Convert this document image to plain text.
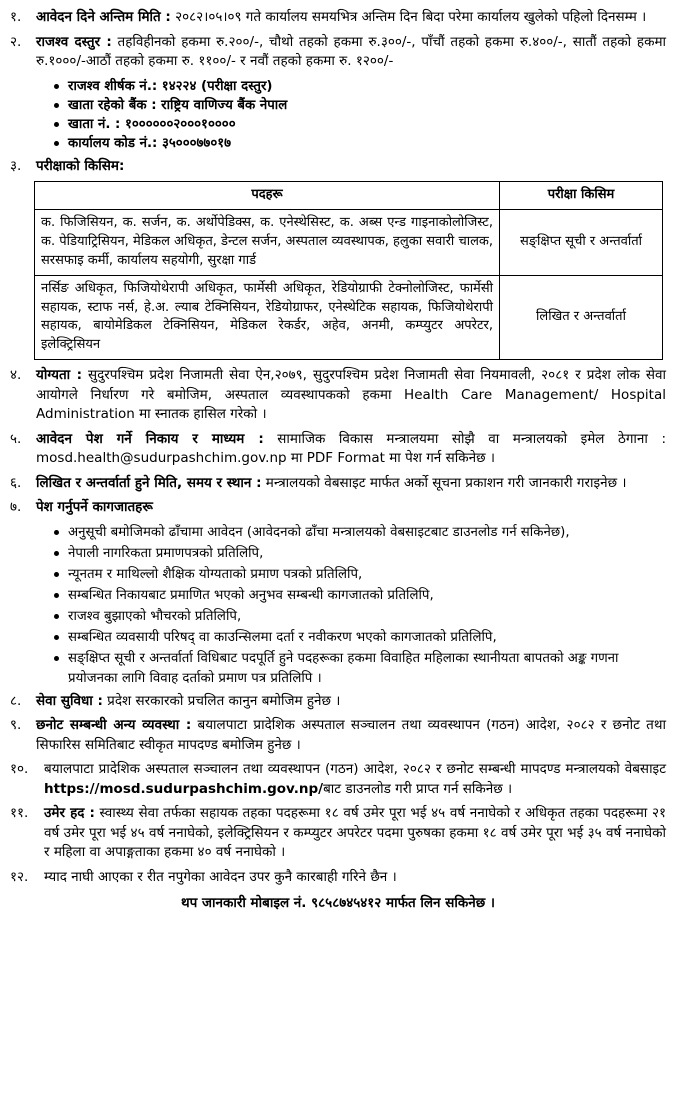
१.	आवेदन दिने अन्तिम मिति : २०८२।०५।०९ गते कार्यालय समयभित्र अन्तिम दिन बिदा परेमा कार्यालय खुलेको पहिलो दिनसम्म ।
२.	राजश्व दस्तुर : तहविहीनको हकमा रु.२००/-, चौथो तहको हकमा रु.३००/-, पाँचौं तहको हकमा रु.४००/-, सातौं तहको हकमा रु.१०००/-आठौं तहको हकमा रु. ११००/- र नवौं तहको हकमा रु. १२००/-
राजश्व शीर्षक नं.: १४२२४ (परीक्षा दस्तुर)
खाता रहेको बैंक : राष्ट्रिय वाणिज्य बैंक नेपाल
खाता नं. : १००००००२०००१००००
कार्यालय कोड नं.: ३५०००७७०१७
३.	परीक्षाको किसिम:
पदहरू	परीक्षा किसिम
क. फिजिसियन, क. सर्जन, क. अर्थोपेडिक्स, क. एनेस्थेसिस्ट, क. अब्स एन्ड गाइनाकोलोजिस्ट, क. पेडियाट्रिसियन, मेडिकल अधिकृत, डेन्टल सर्जन, अस्पताल व्यवस्थापक, हलुका सवारी चालक, सरसफाइ कर्मी, कार्यालय सहयोगी, सुरक्षा गार्ड	सङ्क्षिप्त सूची र अन्तर्वार्ता
नर्सिङ अधिकृत, फिजियोथेरापी अधिकृत, फार्मेसी अधिकृत, रेडियोग्राफी टेक्नोलोजिस्ट, फार्मेसी सहायक, स्टाफ नर्स, हे.अ. ल्याब टेक्निसियन, रेडियोग्राफर, एनेस्थेटिक सहायक, फिजियोथेरापी सहायक, बायोमेडिकल टेक्निसियन, मेडिकल रेकर्डर, अहेव, अनमी, कम्प्युटर अपरेटर, इलेक्ट्रिसियन	लिखित र अन्तर्वार्ता
४.	योग्यता : सुदुरपश्चिम प्रदेश निजामती सेवा ऐन,२०७९, सुदुरपश्चिम प्रदेश निजामती सेवा नियमावली, २०८१ र प्रदेश लोक सेवा आयोगले निर्धारण गरे बमोजिम, अस्पताल व्यवस्थापकको हकमा Health Care Management/ Hospital Administration मा स्नातक हासिल गरेको ।
५.	आवेदन पेश गर्ने निकाय र माध्यम : सामाजिक विकास मन्त्रालयमा सोझै वा मन्त्रालयको इमेल ठेगाना : mosd.health@sudurpashchim.gov.np मा PDF Format मा पेश गर्न सकिनेछ ।
६.	लिखित र अन्तर्वार्ता हुने मिति, समय र स्थान : मन्त्रालयको वेबसाइट मार्फत अर्को सूचना प्रकाशन गरी जानकारी गराइनेछ ।
७.	पेश गर्नुपर्ने कागजातहरू
अनुसूची बमोजिमको ढाँचामा आवेदन (आवेदनको ढाँचा मन्त्रालयको वेबसाइटबाट डाउनलोड गर्न सकिनेछ),
नेपाली नागरिकता प्रमाणपत्रको प्रतिलिपि,
न्यूनतम र माथिल्लो शैक्षिक योग्यताको प्रमाण पत्रको प्रतिलिपि,
सम्बन्धित निकायबाट प्रमाणित भएको अनुभव सम्बन्धी कागजातको प्रतिलिपि,
राजश्व बुझाएको भौचरको प्रतिलिपि,
सम्बन्धित व्यवसायी परिषद् वा काउन्सिलमा दर्ता र नवीकरण भएको कागजातको प्रतिलिपि,
सङ्क्षिप्त सूची र अन्तर्वार्ता विधिबाट पदपूर्ति हुने पदहरूका हकमा विवाहित महिलाका स्थानीयता बापतको अङ्क गणना प्रयोजनका लागि विवाह दर्ताको प्रमाण पत्र प्रतिलिपि ।
८.	सेवा सुविधा : प्रदेश सरकारको प्रचलित कानुन बमोजिम हुनेछ ।
९.	छनोट सम्बन्धी अन्य व्यवस्था : बयालपाटा प्रादेशिक अस्पताल सञ्चालन तथा व्यवस्थापन (गठन) आदेश, २०८२ र छनोट तथा सिफारिस समितिबाट स्वीकृत मापदण्ड बमोजिम हुनेछ ।
१०.	बयालपाटा प्रादेशिक अस्पताल सञ्चालन तथा व्यवस्थापन (गठन) आदेश, २०८२ र छनोट सम्बन्धी मापदण्ड मन्त्रालयको वेबसाइट https://mosd.sudurpashchim.gov.np/बाट डाउनलोड गरी प्राप्त गर्न सकिनेछ ।
११.	उमेर हद : स्वास्थ्य सेवा तर्फका सहायक तहका पदहरूमा १८ वर्ष उमेर पूरा भई ४५ वर्ष ननाघेको र अधिकृत तहका पदहरूमा २१ वर्ष उमेर पूरा भई ४५ वर्ष ननाघेको, इलेक्ट्रिसियन र कम्प्युटर अपरेटर पदमा पुरुषका हकमा १८ वर्ष उमेर पूरा भई ३५ वर्ष ननाघेको र महिला वा अपाङ्गताका हकमा ४० वर्ष ननाघेको ।
१२.	म्याद नाघी आएका र रीत नपुगेका आवेदन उपर कुनै कारबाही गरिने छैन ।
थप जानकारी मोबाइल नं. ९८५८७४५४१२ मार्फत लिन सकिनेछ ।
